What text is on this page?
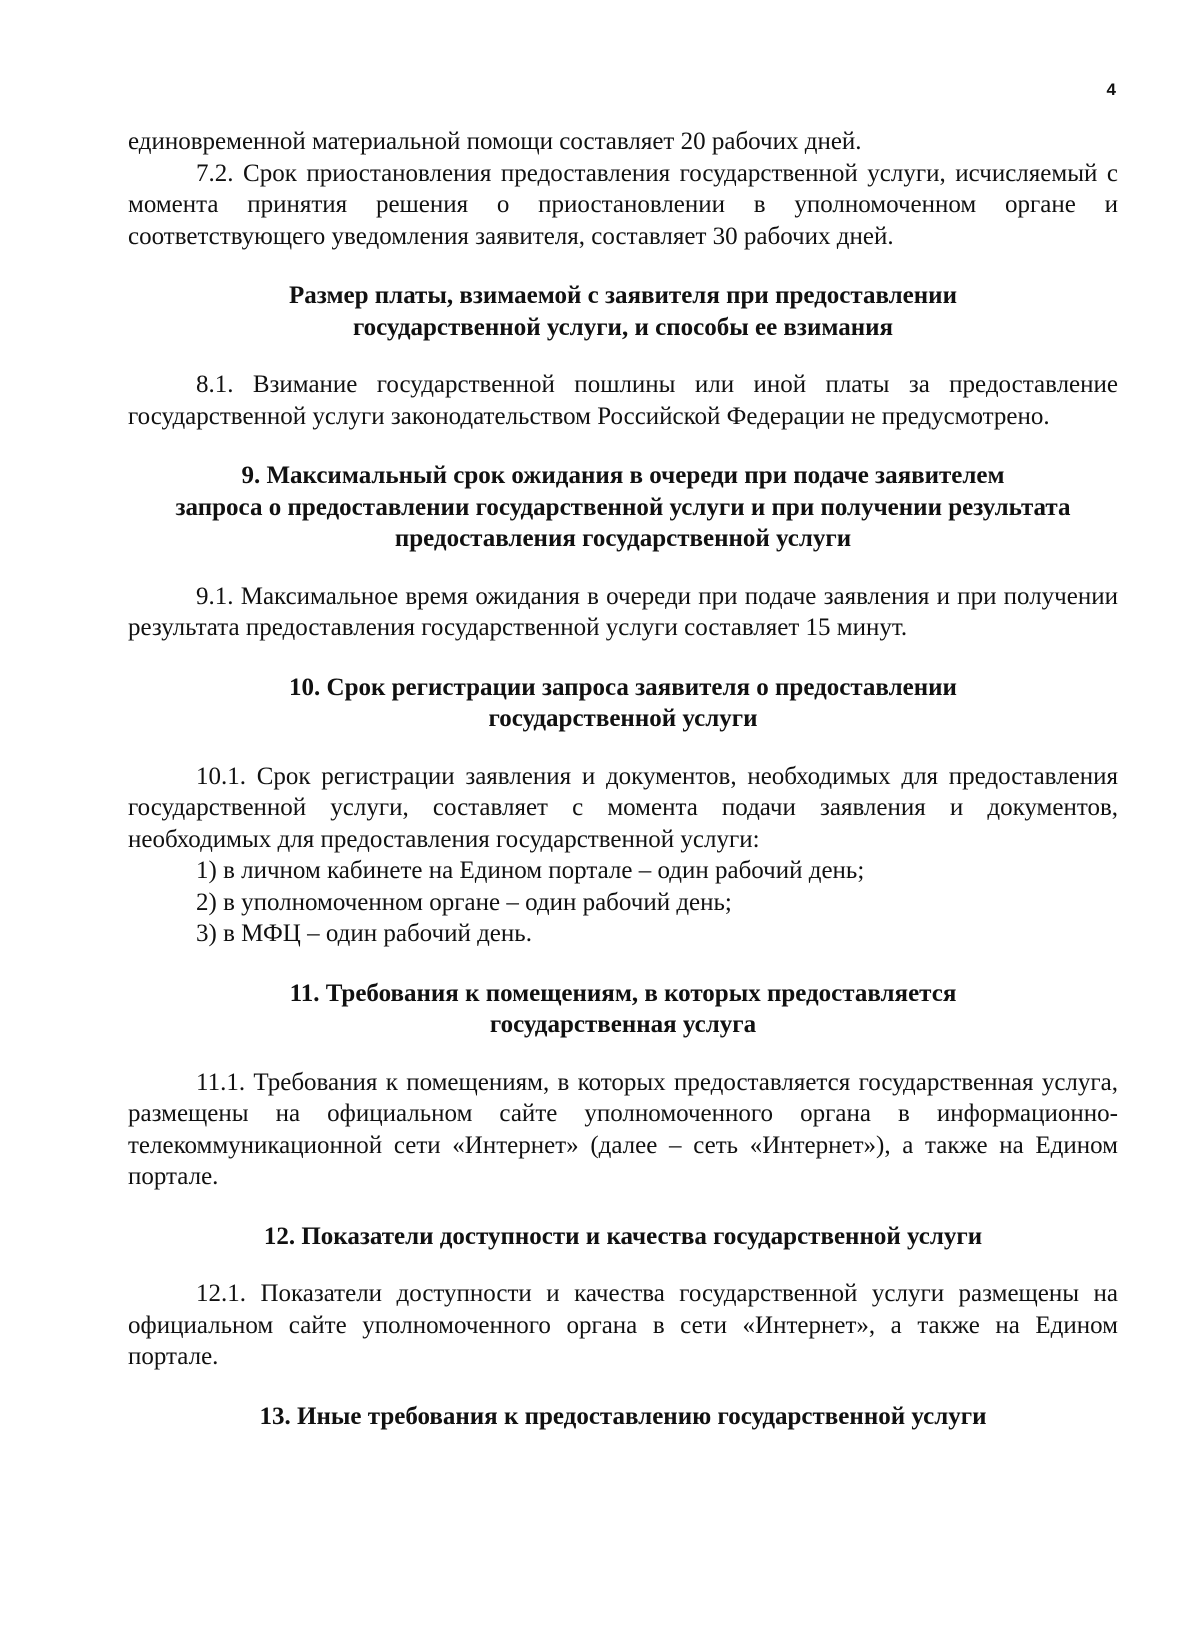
4

единовременной материальной помощи составляет 20 рабочих дней.

7.2. Срок приостановления предоставления государственной услуги, исчисляемый с момента принятия решения о приостановлении в уполномоченном органе и соответствующего уведомления заявителя, составляет 30 рабочих дней.

Размер платы, взимаемой с заявителя при предоставлении
государственной услуги, и способы ее взимания

8.1. Взимание государственной пошлины или иной платы за предоставление государственной услуги законодательством Российской Федерации не предусмотрено.

9. Максимальный срок ожидания в очереди при подаче заявителем
запроса о предоставлении государственной услуги и при получении результата
предоставления государственной услуги

9.1. Максимальное время ожидания в очереди при подаче заявления и при получении результата предоставления государственной услуги составляет 15 минут.

10. Срок регистрации запроса заявителя о предоставлении
государственной услуги

10.1. Срок регистрации заявления и документов, необходимых для предоставления государственной услуги, составляет с момента подачи заявления и документов, необходимых для предоставления государственной услуги:

1) в личном кабинете на Едином портале – один рабочий день;

2) в уполномоченном органе – один рабочий день;

3) в МФЦ – один рабочий день.

11. Требования к помещениям, в которых предоставляется
государственная услуга

11.1. Требования к помещениям, в которых предоставляется государственная услуга, размещены на официальном сайте уполномоченного органа в информационно-телекоммуникационной сети «Интернет» (далее – сеть «Интернет»), а также на Едином портале.

12. Показатели доступности и качества государственной услуги

12.1. Показатели доступности и качества государственной услуги размещены на официальном сайте уполномоченного органа в сети «Интернет», а также на Едином портале.

13. Иные требования к предоставлению государственной услуги
